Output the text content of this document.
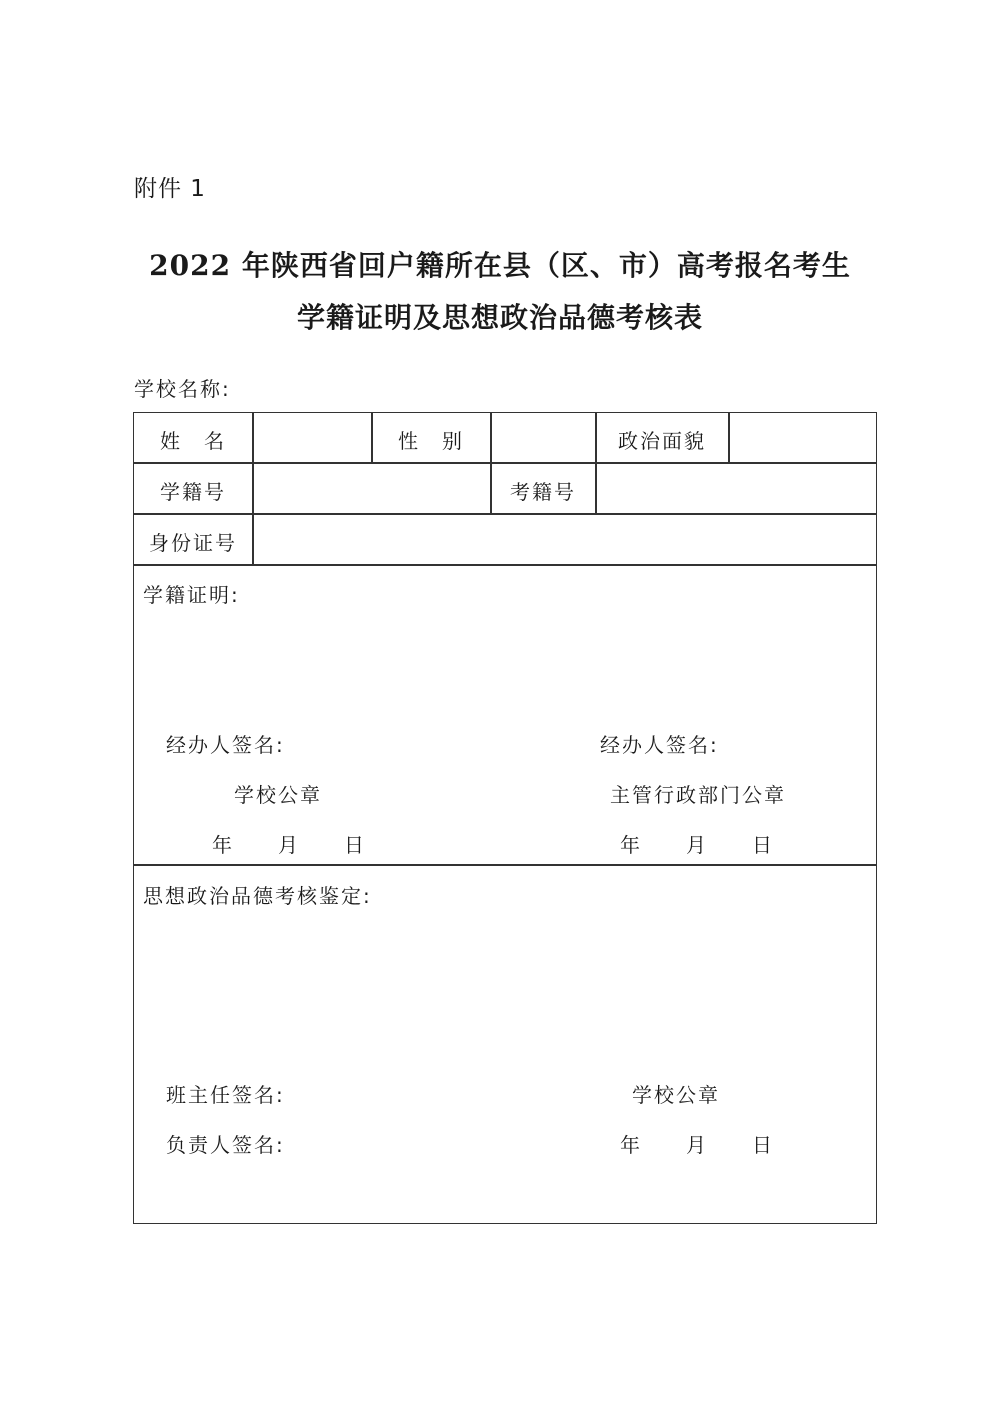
附件 1
2022 年陕西省回户籍所在县（区、市）高考报名考生
学籍证明及思想政治品德考核表
学校名称:
姓　名	性　别	政治面貌
学籍号	考籍号
身份证号
学籍证明:
经办人签名:
学校公章
年　　月　　日
经办人签名:
主管行政部门公章
年　　月　　日
思想政治品德考核鉴定:
班主任签名:
负责人签名:
学校公章
年　　月　　日
